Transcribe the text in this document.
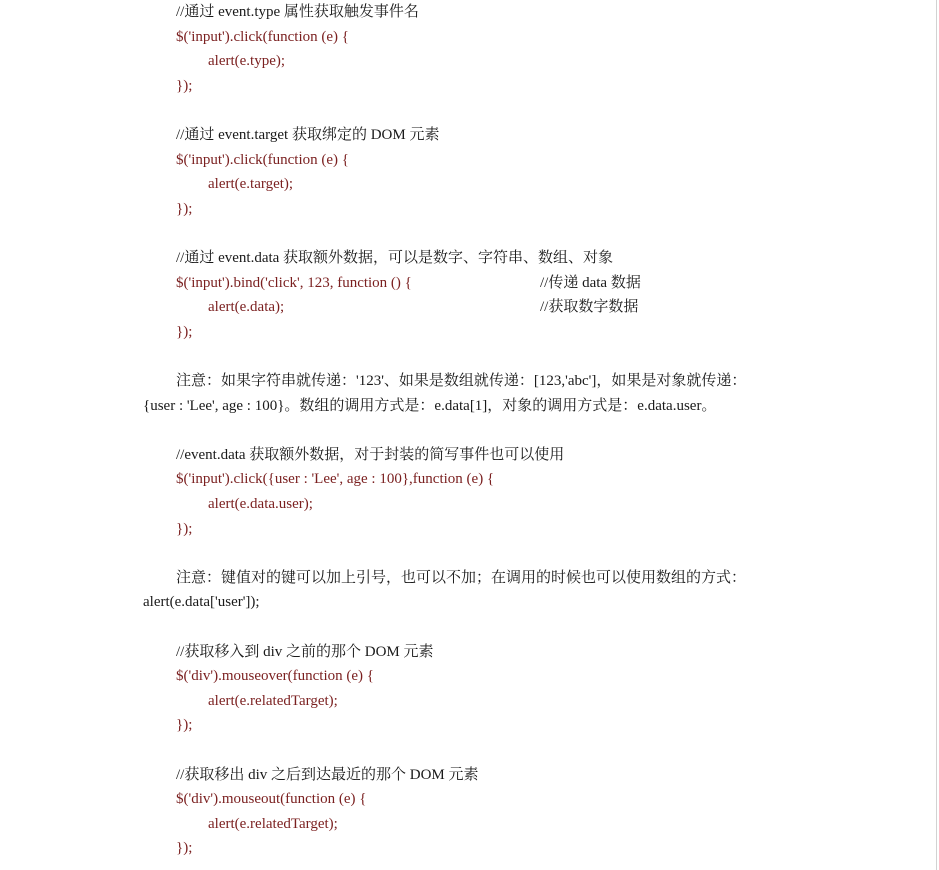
//通过 event.type 属性获取触发事件名
$('input').click(function (e) {
alert(e.type);
});
//通过 event.target 获取绑定的 DOM 元素
$('input').click(function (e) {
alert(e.target);
});
//通过 event.data 获取额外数据，可以是数字、字符串、数组、对象
$('input').bind('click', 123, function () {	//传递 data 数据
alert(e.data);	//获取数字数据
});
注意：如果字符串就传递：'123'、如果是数组就传递：[123,'abc']，如果是对象就传递：
{user : 'Lee', age : 100}。数组的调用方式是：e.data[1]，对象的调用方式是：e.data.user。
//event.data 获取额外数据，对于封装的简写事件也可以使用
$('input').click({user : 'Lee', age : 100},function (e) {
alert(e.data.user);
});
注意：键值对的键可以加上引号，也可以不加；在调用的时候也可以使用数组的方式：
alert(e.data['user']);
//获取移入到 div 之前的那个 DOM 元素
$('div').mouseover(function (e) {
alert(e.relatedTarget);
});
//获取移出 div 之后到达最近的那个 DOM 元素
$('div').mouseout(function (e) {
alert(e.relatedTarget);
});
